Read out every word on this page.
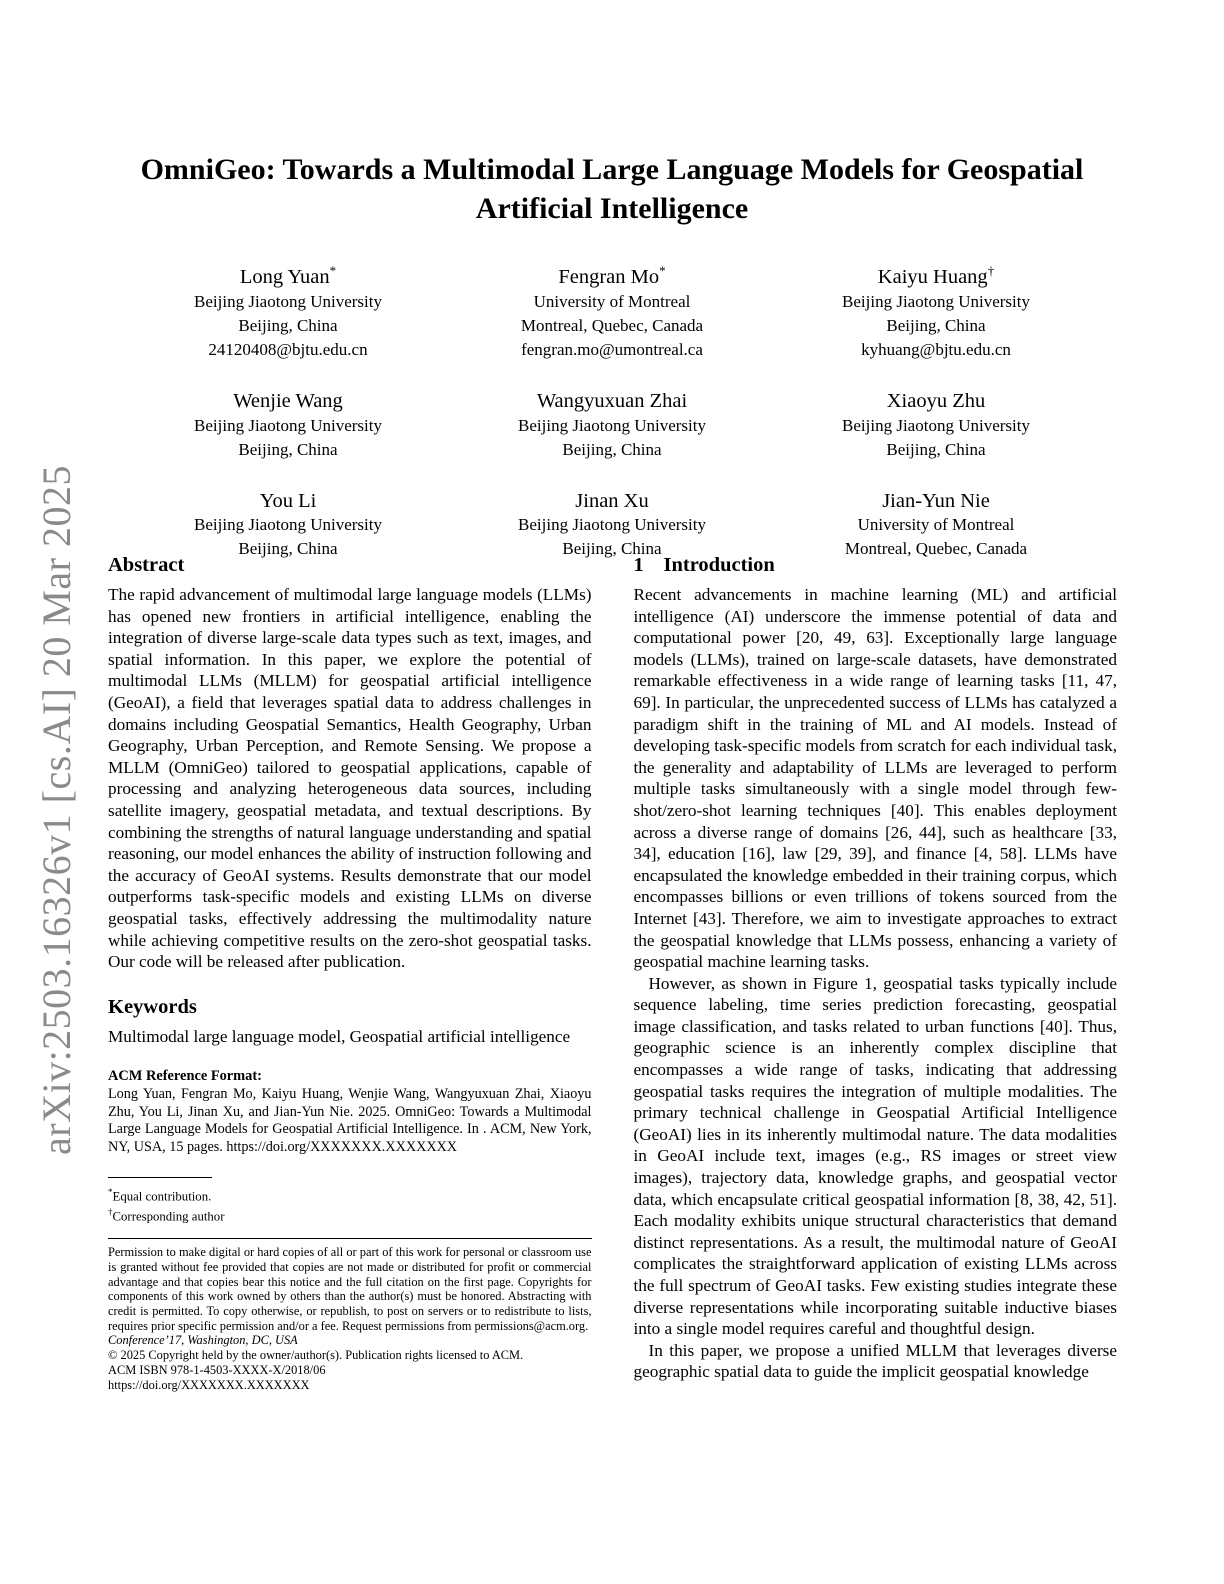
arXiv:2503.16326v1 [cs.AI] 20 Mar 2025
OmniGeo: Towards a Multimodal Large Language Models for Geospatial Artificial Intelligence
Long Yuan*
Beijing Jiaotong University
Beijing, China
24120408@bjtu.edu.cn
Fengran Mo*
University of Montreal
Montreal, Quebec, Canada
fengran.mo@umontreal.ca
Kaiyu Huang†
Beijing Jiaotong University
Beijing, China
kyhuang@bjtu.edu.cn
Wenjie Wang
Beijing Jiaotong University
Beijing, China
Wangyuxuan Zhai
Beijing Jiaotong University
Beijing, China
Xiaoyu Zhu
Beijing Jiaotong University
Beijing, China
You Li
Beijing Jiaotong University
Beijing, China
Jinan Xu
Beijing Jiaotong University
Beijing, China
Jian-Yun Nie
University of Montreal
Montreal, Quebec, Canada
Abstract

The rapid advancement of multimodal large language models (LLMs) has opened new frontiers in artificial intelligence, enabling the integration of diverse large-scale data types such as text, images, and spatial information. In this paper, we explore the potential of multimodal LLMs (MLLM) for geospatial artificial intelligence (GeoAI), a field that leverages spatial data to address challenges in domains including Geospatial Semantics, Health Geography, Urban Geography, Urban Perception, and Remote Sensing. We propose a MLLM (OmniGeo) tailored to geospatial applications, capable of processing and analyzing heterogeneous data sources, including satellite imagery, geospatial metadata, and textual descriptions. By combining the strengths of natural language understanding and spatial reasoning, our model enhances the ability of instruction following and the accuracy of GeoAI systems. Results demonstrate that our model outperforms task-specific models and existing LLMs on diverse geospatial tasks, effectively addressing the multimodality nature while achieving competitive results on the zero-shot geospatial tasks. Our code will be released after publication.

Keywords

Multimodal large language model, Geospatial artificial intelligence

ACM Reference Format:

Long Yuan, Fengran Mo, Kaiyu Huang, Wenjie Wang, Wangyuxuan Zhai, Xiaoyu Zhu, You Li, Jinan Xu, and Jian-Yun Nie. 2025. OmniGeo: Towards a Multimodal Large Language Models for Geospatial Artificial Intelligence. In . ACM, New York, NY, USA, 15 pages. https://doi.org/XXXXXXX.XXXXXXX

*Equal contribution.
†Corresponding author
Permission to make digital or hard copies of all or part of this work for personal or classroom use is granted without fee provided that copies are not made or distributed for profit or commercial advantage and that copies bear this notice and the full citation on the first page. Copyrights for components of this work owned by others than the author(s) must be honored. Abstracting with credit is permitted. To copy otherwise, or republish, to post on servers or to redistribute to lists, requires prior specific permission and/or a fee. Request permissions from permissions@acm.org.
Conference’17, Washington, DC, USA
© 2025 Copyright held by the owner/author(s). Publication rights licensed to ACM.
ACM ISBN 978-1-4503-XXXX-X/2018/06
https://doi.org/XXXXXXX.XXXXXXX
1 Introduction

Recent advancements in machine learning (ML) and artificial intelligence (AI) underscore the immense potential of data and computational power [20, 49, 63]. Exceptionally large language models (LLMs), trained on large-scale datasets, have demonstrated remarkable effectiveness in a wide range of learning tasks [11, 47, 69]. In particular, the unprecedented success of LLMs has catalyzed a paradigm shift in the training of ML and AI models. Instead of developing task-specific models from scratch for each individual task, the generality and adaptability of LLMs are leveraged to perform multiple tasks simultaneously with a single model through few-shot/zero-shot learning techniques [40]. This enables deployment across a diverse range of domains [26, 44], such as healthcare [33, 34], education [16], law [29, 39], and finance [4, 58]. LLMs have encapsulated the knowledge embedded in their training corpus, which encompasses billions or even trillions of tokens sourced from the Internet [43]. Therefore, we aim to investigate approaches to extract the geospatial knowledge that LLMs possess, enhancing a variety of geospatial machine learning tasks.

However, as shown in Figure 1, geospatial tasks typically include sequence labeling, time series prediction forecasting, geospatial image classification, and tasks related to urban functions [40]. Thus, geographic science is an inherently complex discipline that encompasses a wide range of tasks, indicating that addressing geospatial tasks requires the integration of multiple modalities. The primary technical challenge in Geospatial Artificial Intelligence (GeoAI) lies in its inherently multimodal nature. The data modalities in GeoAI include text, images (e.g., RS images or street view images), trajectory data, knowledge graphs, and geospatial vector data, which encapsulate critical geospatial information [8, 38, 42, 51]. Each modality exhibits unique structural characteristics that demand distinct representations. As a result, the multimodal nature of GeoAI complicates the straightforward application of existing LLMs across the full spectrum of GeoAI tasks. Few existing studies integrate these diverse representations while incorporating suitable inductive biases into a single model requires careful and thoughtful design.

In this paper, we propose a unified MLLM that leverages diverse geographic spatial data to guide the implicit geospatial knowledge
